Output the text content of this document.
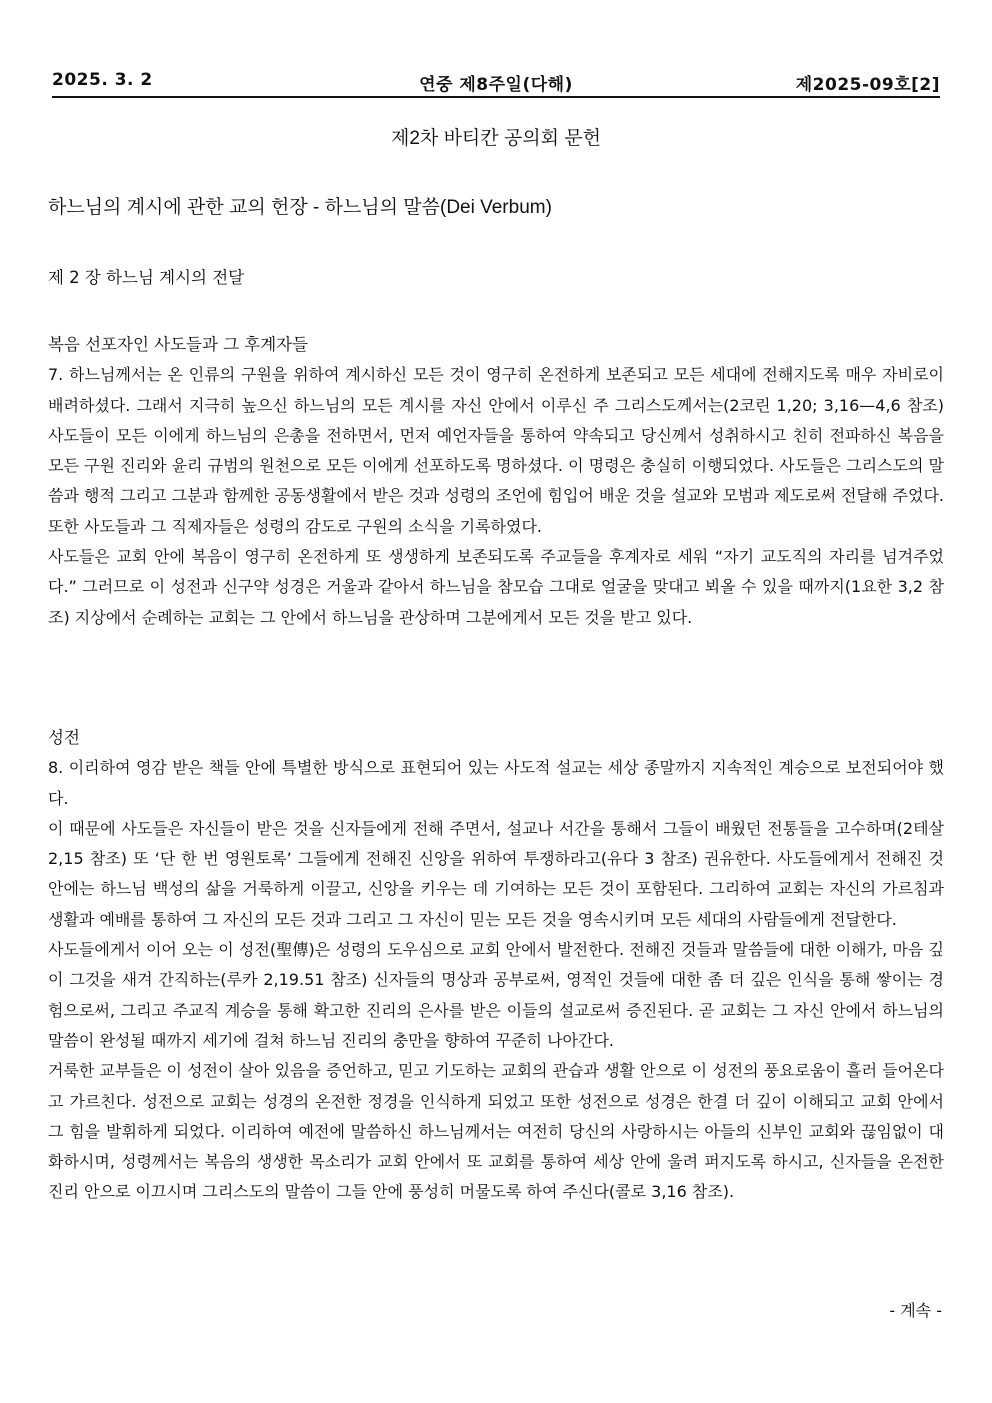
연중 제8주일(다해)
2025. 3. 2	제2025-09호[2]
제2차 바티칸 공의회 문헌
하느님의 계시에 관한 교의 헌장 - 하느님의 말씀(Dei Verbum)
제 2 장 하느님 계시의 전달

복음 선포자인 사도들과 그 후계자들

7. 하느님께서는 온 인류의 구원을 위하여 계시하신 모든 것이 영구히 온전하게 보존되고 모든 세대에 전해지도록 매우 자비로이 배려하셨다. 그래서 지극히 높으신 하느님의 모든 계시를 자신 안에서 이루신 주 그리스도께서는(2코린 1,20; 3,16—4,6 참조) 사도들이 모든 이에게 하느님의 은총을 전하면서, 먼저 예언자들을 통하여 약속되고 당신께서 성취하시고 친히 전파하신 복음을 모든 구원 진리와 윤리 규범의 원천으로 모든 이에게 선포하도록 명하셨다. 이 명령은 충실히 이행되었다. 사도들은 그리스도의 말씀과 행적 그리고 그분과 함께한 공동생활에서 받은 것과 성령의 조언에 힘입어 배운 것을 설교와 모범과 제도로써 전달해 주었다. 또한 사도들과 그 직제자들은 성령의 감도로 구원의 소식을 기록하였다.

사도들은 교회 안에 복음이 영구히 온전하게 또 생생하게 보존되도록 주교들을 후계자로 세워 “자기 교도직의 자리를 넘겨주었다.” 그러므로 이 성전과 신구약 성경은 거울과 같아서 하느님을 참모습 그대로 얼굴을 맞대고 뵈올 수 있을 때까지(1요한 3,2 참조) 지상에서 순례하는 교회는 그 안에서 하느님을 관상하며 그분에게서 모든 것을 받고 있다.

성전

8. 이리하여 영감 받은 책들 안에 특별한 방식으로 표현되어 있는 사도적 설교는 세상 종말까지 지속적인 계승으로 보전되어야 했다.

이 때문에 사도들은 자신들이 받은 것을 신자들에게 전해 주면서, 설교나 서간을 통해서 그들이 배웠던 전통들을 고수하며(2테살 2,15 참조) 또 ‘단 한 번 영원토록’ 그들에게 전해진 신앙을 위하여 투쟁하라고(유다 3 참조) 권유한다. 사도들에게서 전해진 것 안에는 하느님 백성의 삶을 거룩하게 이끌고, 신앙을 키우는 데 기여하는 모든 것이 포함된다. 그리하여 교회는 자신의 가르침과 생활과 예배를 통하여 그 자신의 모든 것과 그리고 그 자신이 믿는 모든 것을 영속시키며 모든 세대의 사람들에게 전달한다.

사도들에게서 이어 오는 이 성전(聖傳)은 성령의 도우심으로 교회 안에서 발전한다. 전해진 것들과 말씀들에 대한 이해가, 마음 깊이 그것을 새겨 간직하는(루카 2,19.51 참조) 신자들의 명상과 공부로써, 영적인 것들에 대한 좀 더 깊은 인식을 통해 쌓이는 경험으로써, 그리고 주교직 계승을 통해 확고한 진리의 은사를 받은 이들의 설교로써 증진된다. 곧 교회는 그 자신 안에서 하느님의 말씀이 완성될 때까지 세기에 걸쳐 하느님 진리의 충만을 향하여 꾸준히 나아간다.

거룩한 교부들은 이 성전이 살아 있음을 증언하고, 믿고 기도하는 교회의 관습과 생활 안으로 이 성전의 풍요로움이 흘러 들어온다고 가르친다. 성전으로 교회는 성경의 온전한 정경을 인식하게 되었고 또한 성전으로 성경은 한결 더 깊이 이해되고 교회 안에서 그 힘을 발휘하게 되었다. 이리하여 예전에 말씀하신 하느님께서는 여전히 당신의 사랑하시는 아들의 신부인 교회와 끊임없이 대화하시며, 성령께서는 복음의 생생한 목소리가 교회 안에서 또 교회를 통하여 세상 안에 울려 퍼지도록 하시고, 신자들을 온전한 진리 안으로 이끄시며 그리스도의 말씀이 그들 안에 풍성히 머물도록 하여 주신다(콜로 3,16 참조).

- 계속 -
